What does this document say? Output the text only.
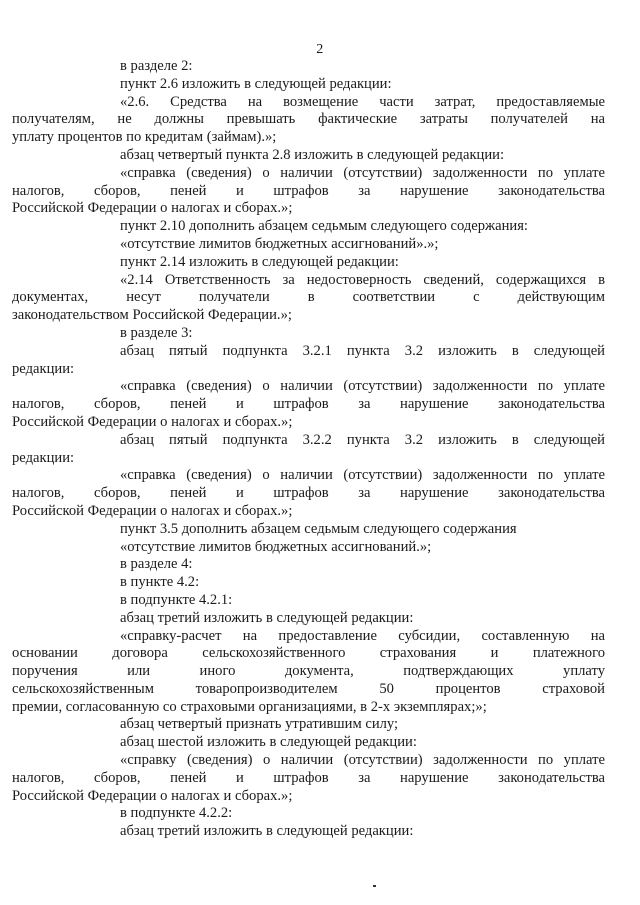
2
в разделе 2:
пункт 2.6 изложить в следующей редакции:
«2.6. Средства на возмещение части затрат, предоставляемые
получателям, не должны превышать фактические затраты получателей на
уплату процентов по кредитам (займам).»;
абзац четвертый пункта 2.8 изложить в следующей редакции:
«справка (сведения) о наличии (отсутствии) задолженности по уплате
налогов, сборов, пеней и штрафов за нарушение законодательства
Российской Федерации о налогах и сборах.»;
пункт 2.10 дополнить абзацем седьмым следующего содержания:
«отсутствие лимитов бюджетных ассигнований».»;
пункт 2.14 изложить в следующей редакции:
«2.14 Ответственность за недостоверность сведений, содержащихся в
документах, несут получатели в соответствии с действующим
законодательством Российской Федерации.»;
в разделе 3:
абзац пятый подпункта 3.2.1 пункта 3.2 изложить в следующей
редакции:
«справка (сведения) о наличии (отсутствии) задолженности по уплате
налогов, сборов, пеней и штрафов за нарушение законодательства
Российской Федерации о налогах и сборах.»;
абзац пятый подпункта 3.2.2 пункта 3.2 изложить в следующей
редакции:
«справка (сведения) о наличии (отсутствии) задолженности по уплате
налогов, сборов, пеней и штрафов за нарушение законодательства
Российской Федерации о налогах и сборах.»;
пункт 3.5 дополнить абзацем седьмым следующего содержания
«отсутствие лимитов бюджетных ассигнований.»;
в разделе 4:
в пункте 4.2:
в подпункте 4.2.1:
абзац третий изложить в следующей редакции:
«справку-расчет на предоставление субсидии, составленную на
основании договора сельскохозяйственного страхования и платежного
поручения или иного документа, подтверждающих уплату
сельскохозяйственным товаропроизводителем 50 процентов страховой
премии, согласованную со страховыми организациями, в 2-х экземплярах;»;
абзац четвертый признать утратившим силу;
абзац шестой изложить в следующей редакции:
«справку (сведения) о наличии (отсутствии) задолженности по уплате
налогов, сборов, пеней и штрафов за нарушение законодательства
Российской Федерации о налогах и сборах.»;
в подпункте 4.2.2:
абзац третий изложить в следующей редакции:
